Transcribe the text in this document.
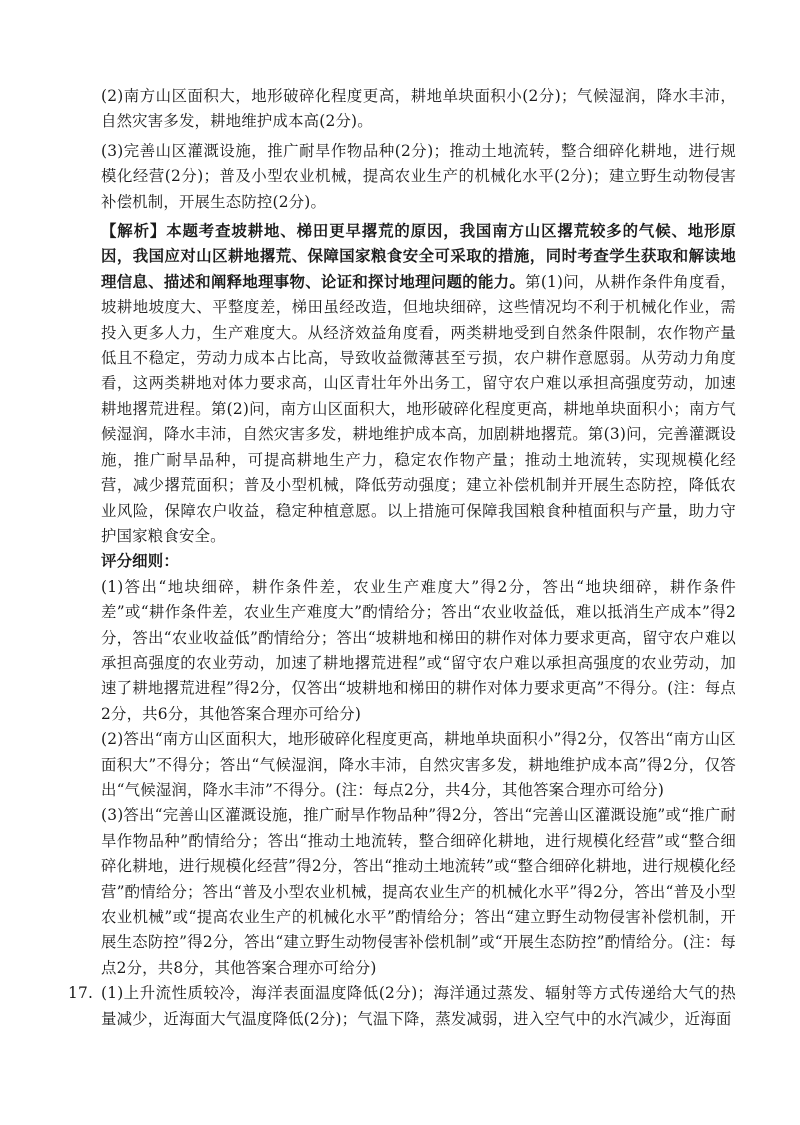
(2)南方山区面积大，地形破碎化程度更高，耕地单块面积小(2分)；气候湿润，降水丰沛，自然灾害多发，耕地维护成本高(2分)。

(3)完善山区灌溉设施，推广耐旱作物品种(2分)；推动土地流转，整合细碎化耕地，进行规模化经营(2分)；普及小型农业机械，提高农业生产的机械化水平(2分)；建立野生动物侵害补偿机制，开展生态防控(2分)。

【解析】本题考查坡耕地、梯田更早撂荒的原因，我国南方山区撂荒较多的气候、地形原因，我国应对山区耕地撂荒、保障国家粮食安全可采取的措施，同时考查学生获取和解读地理信息、描述和阐释地理事物、论证和探讨地理问题的能力。第(1)问，从耕作条件角度看，坡耕地坡度大、平整度差，梯田虽经改造，但地块细碎，这些情况均不利于机械化作业，需投入更多人力，生产难度大。从经济效益角度看，两类耕地受到自然条件限制，农作物产量低且不稳定，劳动力成本占比高，导致收益微薄甚至亏损，农户耕作意愿弱。从劳动力角度看，这两类耕地对体力要求高，山区青壮年外出务工，留守农户难以承担高强度劳动，加速耕地撂荒进程。第(2)问，南方山区面积大，地形破碎化程度更高，耕地单块面积小；南方气候湿润，降水丰沛，自然灾害多发，耕地维护成本高，加剧耕地撂荒。第(3)问，完善灌溉设施，推广耐旱品种，可提高耕地生产力，稳定农作物产量；推动土地流转，实现规模化经营，减少撂荒面积；普及小型机械，降低劳动强度；建立补偿机制并开展生态防控，降低农业风险，保障农户收益，稳定种植意愿。以上措施可保障我国粮食种植面积与产量，助力守护国家粮食安全。

评分细则：

(1)答出“地块细碎，耕作条件差，农业生产难度大”得2分，答出“地块细碎，耕作条件差”或“耕作条件差，农业生产难度大”酌情给分；答出“农业收益低，难以抵消生产成本”得2分，答出“农业收益低”酌情给分；答出“坡耕地和梯田的耕作对体力要求更高，留守农户难以承担高强度的农业劳动，加速了耕地撂荒进程”或“留守农户难以承担高强度的农业劳动，加速了耕地撂荒进程”得2分，仅答出“坡耕地和梯田的耕作对体力要求更高”不得分。(注：每点2分，共6分，其他答案合理亦可给分)

(2)答出“南方山区面积大，地形破碎化程度更高，耕地单块面积小”得2分，仅答出“南方山区面积大”不得分；答出“气候湿润，降水丰沛，自然灾害多发，耕地维护成本高”得2分，仅答出“气候湿润，降水丰沛”不得分。(注：每点2分，共4分，其他答案合理亦可给分)

(3)答出“完善山区灌溉设施，推广耐旱作物品种”得2分，答出“完善山区灌溉设施”或“推广耐旱作物品种”酌情给分；答出“推动土地流转，整合细碎化耕地，进行规模化经营”或“整合细碎化耕地，进行规模化经营”得2分，答出“推动土地流转”或“整合细碎化耕地，进行规模化经营”酌情给分；答出“普及小型农业机械，提高农业生产的机械化水平”得2分，答出“普及小型农业机械”或“提高农业生产的机械化水平”酌情给分；答出“建立野生动物侵害补偿机制，开展生态防控”得2分，答出“建立野生动物侵害补偿机制”或“开展生态防控”酌情给分。(注：每点2分，共8分，其他答案合理亦可给分)

17. (1)上升流性质较冷，海洋表面温度降低(2分)；海洋通过蒸发、辐射等方式传递给大气的热量减少，近海面大气温度降低(2分)；气温下降，蒸发减弱，进入空气中的水汽减少，近海面
